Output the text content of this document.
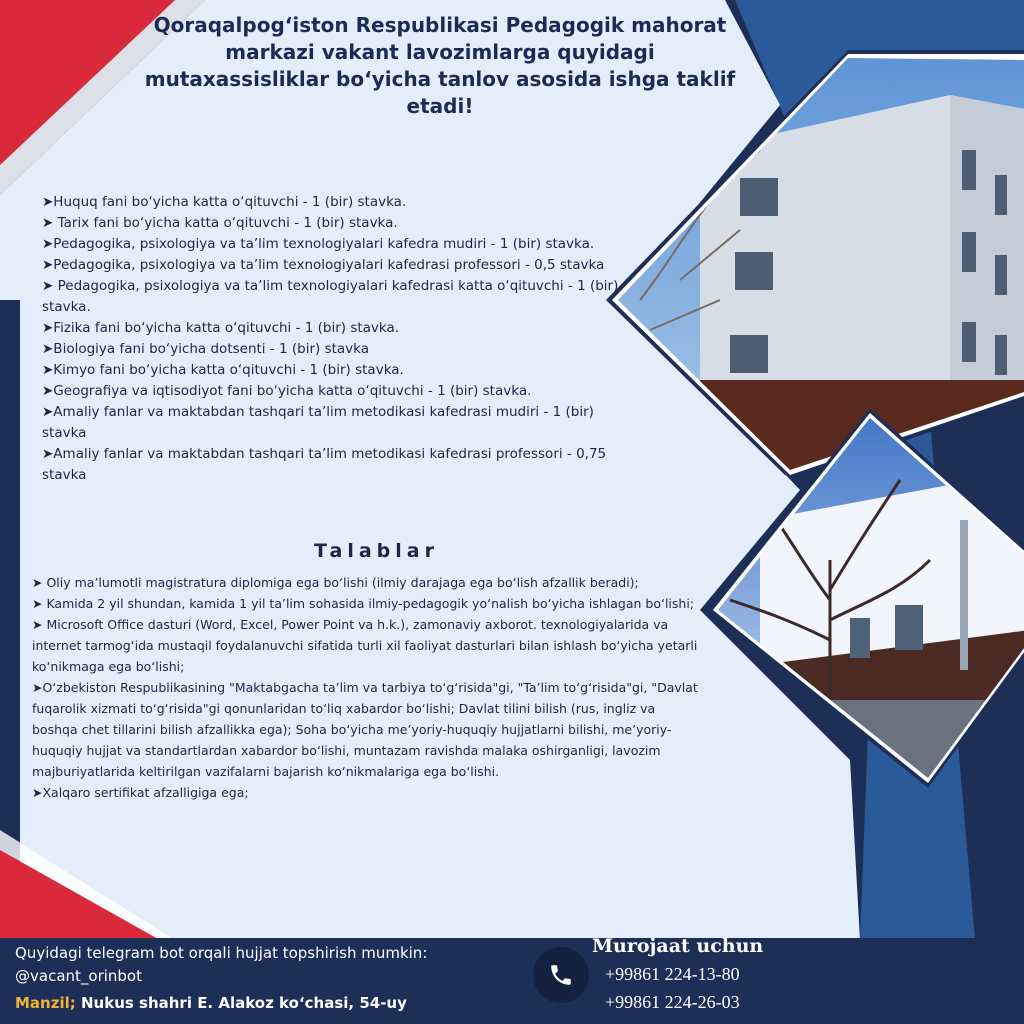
Qoraqalpog‘iston Respublikasi Pedagogik mahorat markazi vakant lavozimlarga quyidagi mutaxassisliklar bo‘yicha tanlov asosida ishga taklif etadi!
➤Huquq fani bo‘yicha katta o‘qituvchi - 1 (bir) stavka.
➤ Tarix fani bo‘yicha katta o‘qituvchi - 1 (bir) stavka.
➤Pedagogika, psixologiya va ta’lim texnologiyalari kafedra mudiri - 1 (bir) stavka.
➤Pedagogika, psixologiya va ta’lim texnologiyalari kafedrasi professori - 0,5 stavka
➤ Pedagogika, psixologiya va ta’lim texnologiyalari kafedrasi katta o‘qituvchi - 1 (bir) stavka.
➤Fizika fani bo‘yicha katta o‘qituvchi - 1 (bir) stavka.
➤Biologiya fani bo‘yicha dotsenti - 1 (bir) stavka
➤Kimyo fani bo‘yicha katta o‘qituvchi - 1 (bir) stavka.
➤Geografiya va iqtisodiyot fani bo‘yicha katta o‘qituvchi - 1 (bir) stavka.
➤Amaliy fanlar va maktabdan tashqari ta’lim metodikasi kafedrasi mudiri - 1 (bir) stavka
➤Amaliy fanlar va maktabdan tashqari ta’lim metodikasi kafedrasi professori - 0,75 stavka
Talablar
➤ Oliy ma’lumotli magistratura diplomiga ega bo‘lishi (ilmiy darajaga ega bo‘lish afzallik beradi);
➤ Kamida 2 yil shundan, kamida 1 yil ta’lim sohasida ilmiy-pedagogik yo‘nalish bo‘yicha ishlagan bo‘lishi;
➤ Microsoft Office dasturi (Word, Excel, Power Point va h.k.), zamonaviy axborot. texnologiyalarida va internet tarmog‘ida mustaqil foydalanuvchi sifatida turli xil faoliyat dasturlari bilan ishlash bo‘yicha yetarli ko‘nikmaga ega bo‘lishi;
➤O‘zbekiston Respublikasining "Maktabgacha ta’lim va tarbiya to‘g‘risida"gi, "Ta’lim to‘g‘risida"gi, "Davlat fuqarolik xizmati to‘g‘risida"gi qonunlaridan to‘liq xabardor bo‘lishi; Davlat tilini bilish (rus, ingliz va boshqa chet tillarini bilish afzallikka ega); Soha bo‘yicha me’yoriy-huquqiy hujjatlarni bilishi, me’yoriy-huquqiy hujjat va standartlardan xabardor bo‘lishi, muntazam ravishda malaka oshirganligi, lavozim majburiyatlarida keltirilgan vazifalarni bajarish ko‘nikmalariga ega bo‘lishi.
➤Xalqaro sertifikat afzalligiga ega;

Quyidagi telegram bot orqali hujjat topshirish mumkin:

@vacant_orinbot

Manzil; Nukus shahri E. Alakoz ko‘chasi, 54-uy

Murojaat uchun

+99861 224-13-80

+99861 224-26-03
